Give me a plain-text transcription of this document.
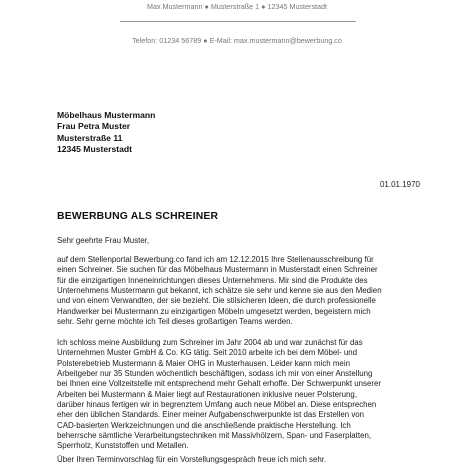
Max Mustermann ● Musterstraße 1 ● 12345 Musterstadt
Telefon: 01234 56789 ● E-Mail: max.mustermann@bewerbung.co
Möbelhaus Mustermann
Frau Petra Muster
Musterstraße 11
12345 Musterstadt
01.01.1970
BEWERBUNG ALS SCHREINER
Sehr geehrte Frau Muster,
auf dem Stellenportal Bewerbung.co fand ich am 12.12.2015 Ihre Stellenausschreibung für
einen Schreiner. Sie suchen für das Möbelhaus Mustermann in Musterstadt einen Schreiner
für die einzigartigen Inneneinrichtungen dieses Unternehmens. Mir sind die Produkte des
Unternehmens Mustermann gut bekannt, ich schätze sie sehr und kenne sie aus den Medien
und von einem Verwandten, der sie bezieht. Die stilsicheren Ideen, die durch professionelle
Handwerker bei Mustermann zu einzigartigen Möbeln umgesetzt werden, begeistern mich
sehr. Sehr gerne möchte ich Teil dieses großartigen Teams werden.
Ich schloss meine Ausbildung zum Schreiner im Jahr 2004 ab und war zunächst für das
Unternehmen Muster GmbH & Co. KG tätig. Seit 2010 arbeite ich bei dem Möbel- und
Polsterebetrieb Mustermann & Maier OHG in Musterhausen. Leider kann mich mein
Arbeitgeber nur 35 Stunden wöchentlich beschäftigen, sodass ich mir von einer Anstellung
bei Ihnen eine Vollzeitstelle mit entsprechend mehr Gehalt erhoffe. Der Schwerpunkt unserer
Arbeiten bei Mustermann & Maier liegt auf Restaurationen inklusive neuer Polsterung,
darüber hinaus fertigen wir in begrenztem Umfang auch neue Möbel an. Diese entsprechen
eher den üblichen Standards. Einer meiner Aufgabenschwerpunkte ist das Erstellen von
CAD-basierten Werkzeichnungen und die anschließende praktische Herstellung. Ich
beherrsche sämtliche Verarbeitungstechniken mit Massivhölzern, Span- und Faserplatten,
Sperrholz, Kunststoffen und Metallen.
Über Ihren Terminvorschlag für ein Vorstellungsgespräch freue ich mich sehr.
